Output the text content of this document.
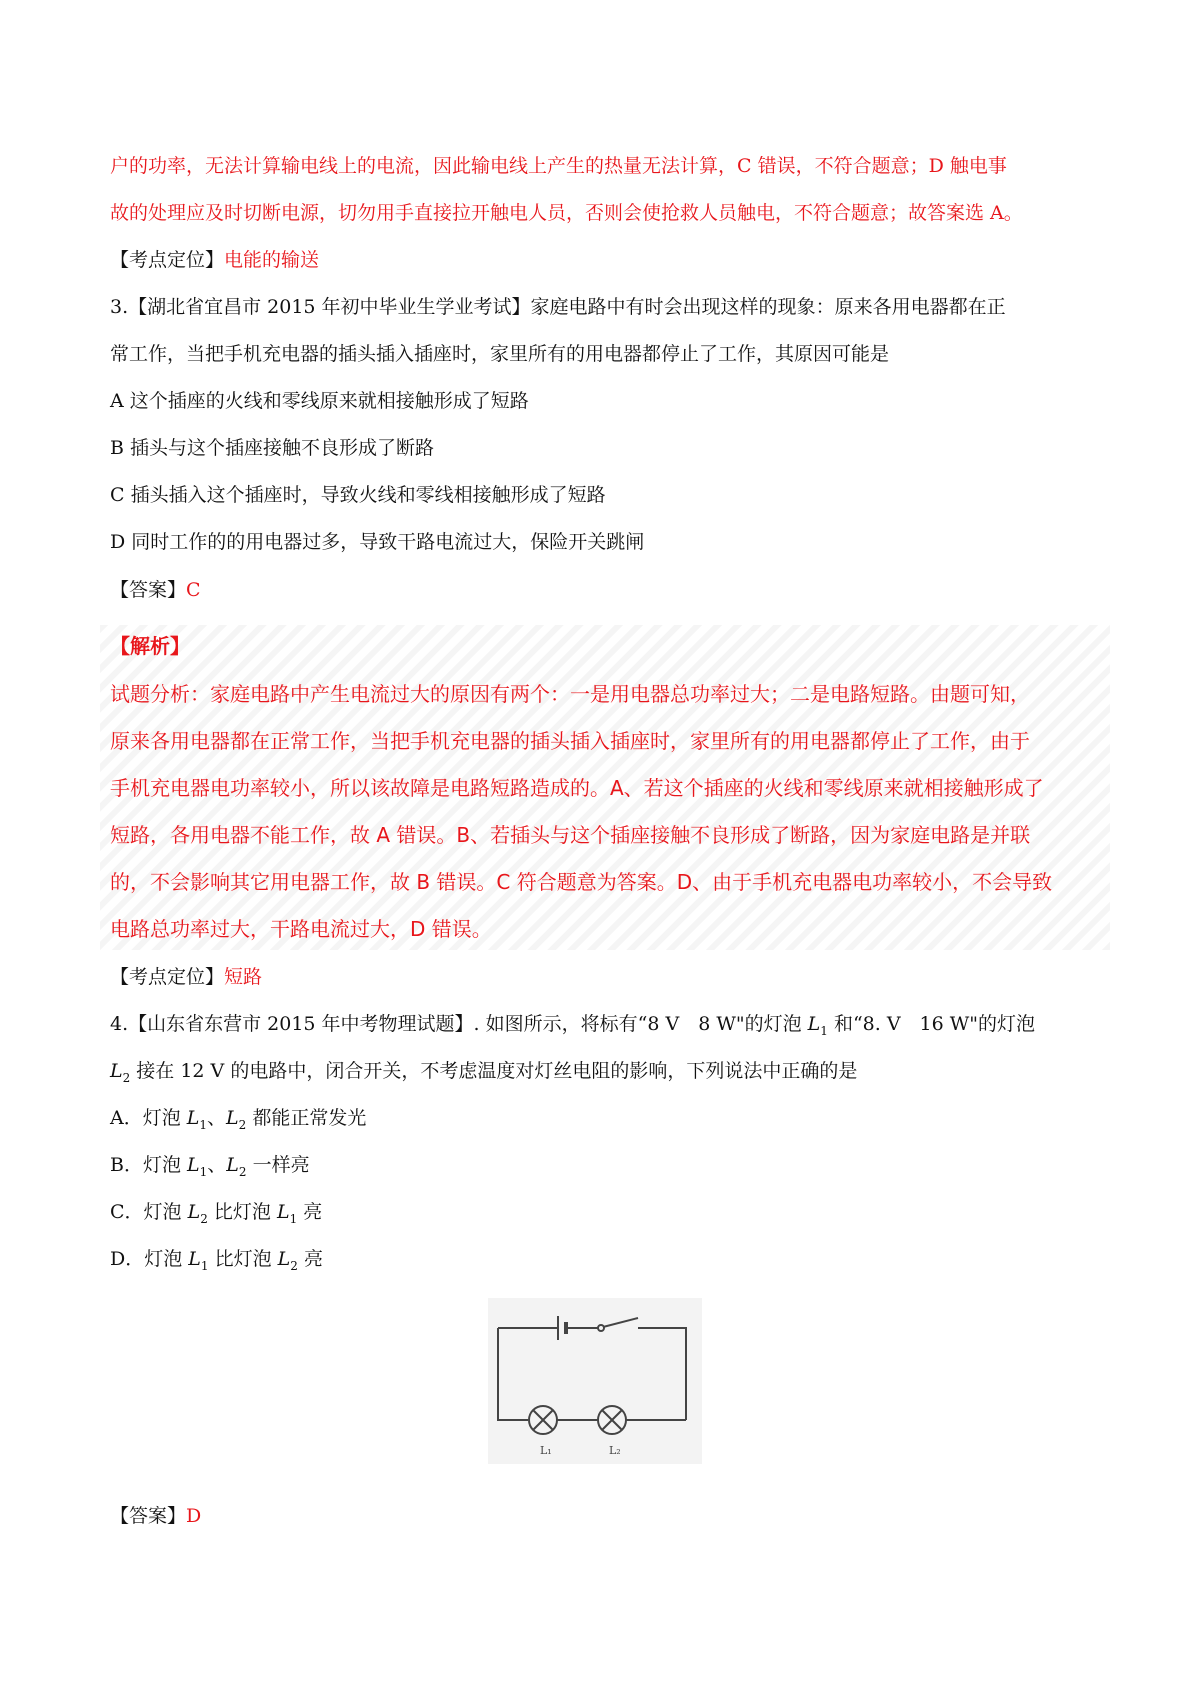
户的功率，无法计算输电线上的电流，因此输电线上产生的热量无法计算，C 错误，不符合题意；D 触电事
故的处理应及时切断电源，切勿用手直接拉开触电人员，否则会使抢救人员触电，不符合题意；故答案选 A。
【考点定位】电能的输送
3.【湖北省宜昌市 2015 年初中毕业生学业考试】家庭电路中有时会出现这样的现象：原来各用电器都在正
常工作，当把手机充电器的插头插入插座时，家里所有的用电器都停止了工作，其原因可能是
A 这个插座的火线和零线原来就相接触形成了短路
B 插头与这个插座接触不良形成了断路
C 插头插入这个插座时，导致火线和零线相接触形成了短路
D 同时工作的的用电器过多，导致干路电流过大，保险开关跳闸
【答案】C
【解析】
试题分析：家庭电路中产生电流过大的原因有两个：一是用电器总功率过大；二是电路短路。由题可知，
原来各用电器都在正常工作，当把手机充电器的插头插入插座时，家里所有的用电器都停止了工作，由于
手机充电器电功率较小，所以该故障是电路短路造成的。A、若这个插座的火线和零线原来就相接触形成了
短路，各用电器不能工作，故 A 错误。B、若插头与这个插座接触不良形成了断路，因为家庭电路是并联
的，不会影响其它用电器工作，故 B 错误。C 符合题意为答案。D、由于手机充电器电功率较小，不会导致
电路总功率过大，干路电流过大，D 错误。
【考点定位】短路
4.【山东省东营市 2015 年中考物理试题】. 如图所示，将标有“8 V　8 W"的灯泡 $L_1$ 和“8. V　16 W"的灯泡
$L_2$ 接在 12 V 的电路中，闭合开关，不考虑温度对灯丝电阻的影响，下列说法中正确的是
A．灯泡 $L_1$、$L_2$ 都能正常发光
B．灯泡 $L_1$、$L_2$ 一样亮
C．灯泡 $L_2$ 比灯泡 $L_1$ 亮
D．灯泡 $L_1$ 比灯泡 $L_2$ 亮
L₁	L₂
【答案】D
